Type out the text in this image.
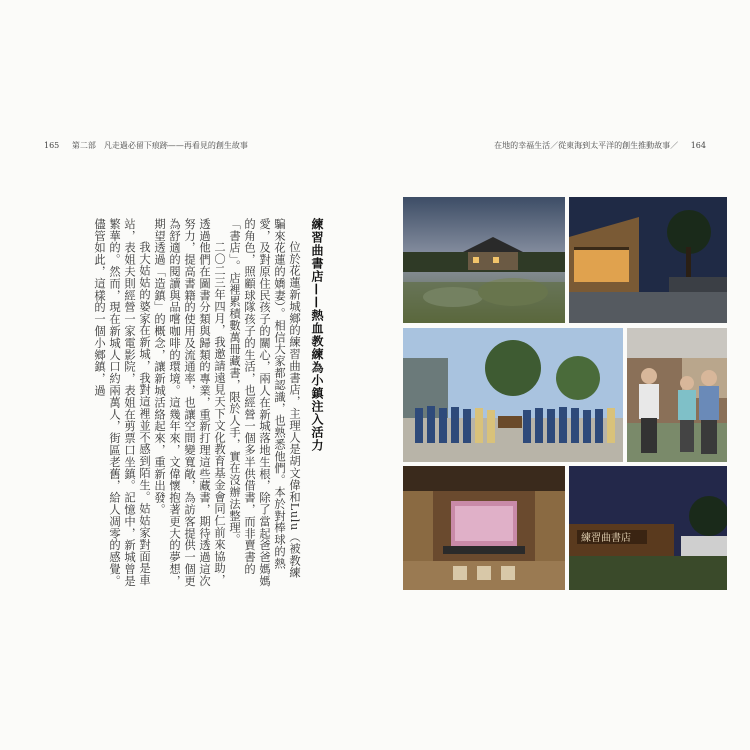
165 第二部　凡走過必留下痕跡——再看見的創生故事	在地的幸福生活／從東海到太平洋的創生推動故事／ 164
練習曲書店——熱血教練為小鎮注入活力

位於花蓮新城鄉的練習曲書店，主理人是胡文偉和Lulu（被教練騙來花蓮的嬌妻）。相信大家都認識，也熟悉他們。本於對棒球的熱愛，及對原住民孩子的關心，兩人在新城落地生根，除了當起爸爸媽媽的角色，照顧球隊孩子的生活，也經營一個多半供借書，而非賣書的「書店」。店裡累積數萬冊藏書，限於人手，實在沒辦法整理。

二〇二三年四月，我邀請遠見天下文化教育基金會同仁前來協助，透過他們在圖書分類與歸類的專業，重新打理這些藏書，期待透過這次努力，提高書籍的使用及流通率，也讓空間變寬敞，為訪客提供一個更為舒適的閱讀與品嚐咖啡的環境。這幾年來，文偉懷抱著更大的夢想，期望透過「造鎮」的概念，讓新城活絡起來，重新出發。

我大姑姑的婆家在新城，我對這裡並不感到陌生。姑姑家對面是車站，表姐夫則經營一家電影院，表姐在剪票口坐鎮。記憶中，新城曾是繁華的。然而，現在新城人口約兩萬人，街區老舊，給人凋零的感覺。儘管如此，這樣的一個小鄉鎮，過

練習曲書店
